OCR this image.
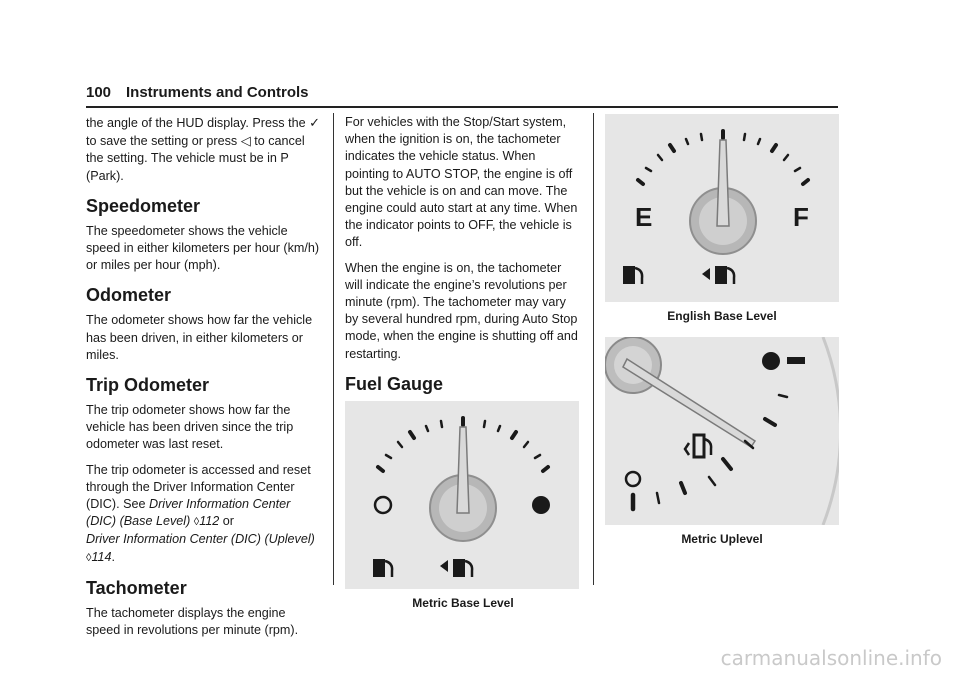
100 Instruments and Controls

the angle of the HUD display. Press the ✓ to save the setting or press ◁ to cancel the setting. The vehicle must be in P (Park).

Speedometer

The speedometer shows the vehicle speed in either kilometers per hour (km/h) or miles per hour (mph).

Odometer

The odometer shows how far the vehicle has been driven, in either kilometers or miles.

Trip Odometer

The trip odometer shows how far the vehicle has been driven since the trip odometer was last reset.

The trip odometer is accessed and reset through the Driver Information Center (DIC). See Driver Information Center (DIC) (Base Level) ◊112 or
Driver Information Center (DIC) (Uplevel)
◊114.

Tachometer

The tachometer displays the engine speed in revolutions per minute (rpm).

For vehicles with the Stop/Start system, when the ignition is on, the tachometer indicates the vehicle status. When pointing to AUTO STOP, the engine is off but the vehicle is on and can move. The engine could auto start at any time. When the indicator points to OFF, the vehicle is off.

When the engine is on, the tachometer will indicate the engine’s revolutions per minute (rpm). The tachometer may vary by several hundred rpm, during Auto Stop mode, when the engine is shutting off and restarting.

Fuel Gauge

Metric Base Level

E	F

English Base Level

Metric Uplevel

carmanualsonline.info
